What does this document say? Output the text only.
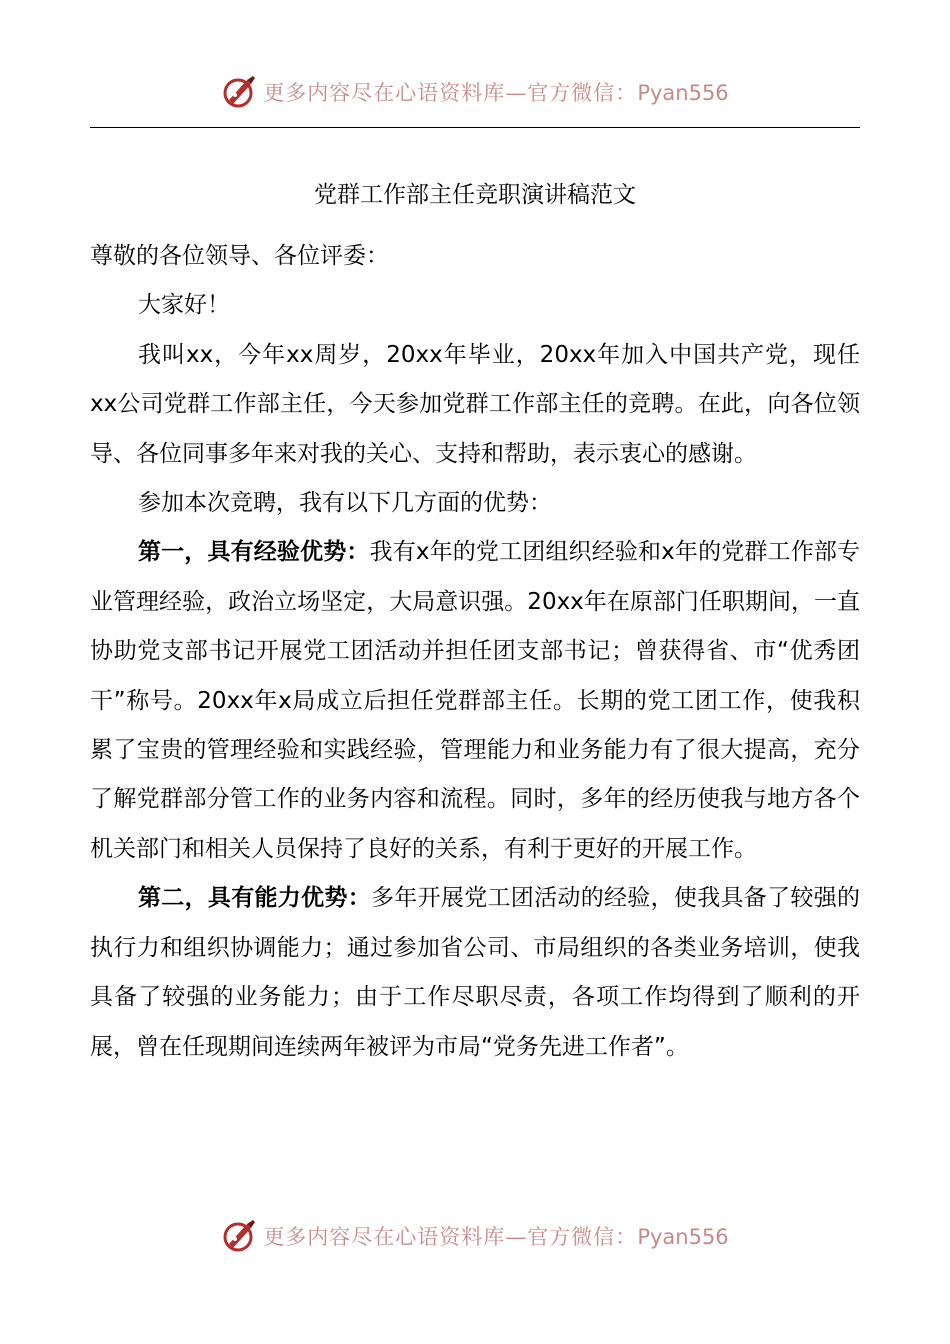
更多内容尽在心语资料库—官方微信：Pyan556
党群工作部主任竞职演讲稿范文

尊敬的各位领导、各位评委：

大家好！

我叫xx，今年xx周岁，20xx年毕业，20xx年加入中国共产党，现任xx公司党群工作部主任，今天参加党群工作部主任的竞聘。在此，向各位领导、各位同事多年来对我的关心、支持和帮助，表示衷心的感谢。

参加本次竞聘，我有以下几方面的优势：

第一，具有经验优势：我有x年的党工团组织经验和x年的党群工作部专业管理经验，政治立场坚定，大局意识强。20xx年在原部门任职期间，一直协助党支部书记开展党工团活动并担任团支部书记；曾获得省、市“优秀团干”称号。20xx年x局成立后担任党群部主任。长期的党工团工作，使我积累了宝贵的管理经验和实践经验，管理能力和业务能力有了很大提高，充分了解党群部分管工作的业务内容和流程。同时，多年的经历使我与地方各个机关部门和相关人员保持了良好的关系，有利于更好的开展工作。

第二，具有能力优势：多年开展党工团活动的经验，使我具备了较强的执行力和组织协调能力；通过参加省公司、市局组织的各类业务培训，使我具备了较强的业务能力；由于工作尽职尽责，各项工作均得到了顺利的开展，曾在任现期间连续两年被评为市局“党务先进工作者”。

更多内容尽在心语资料库—官方微信：Pyan556
